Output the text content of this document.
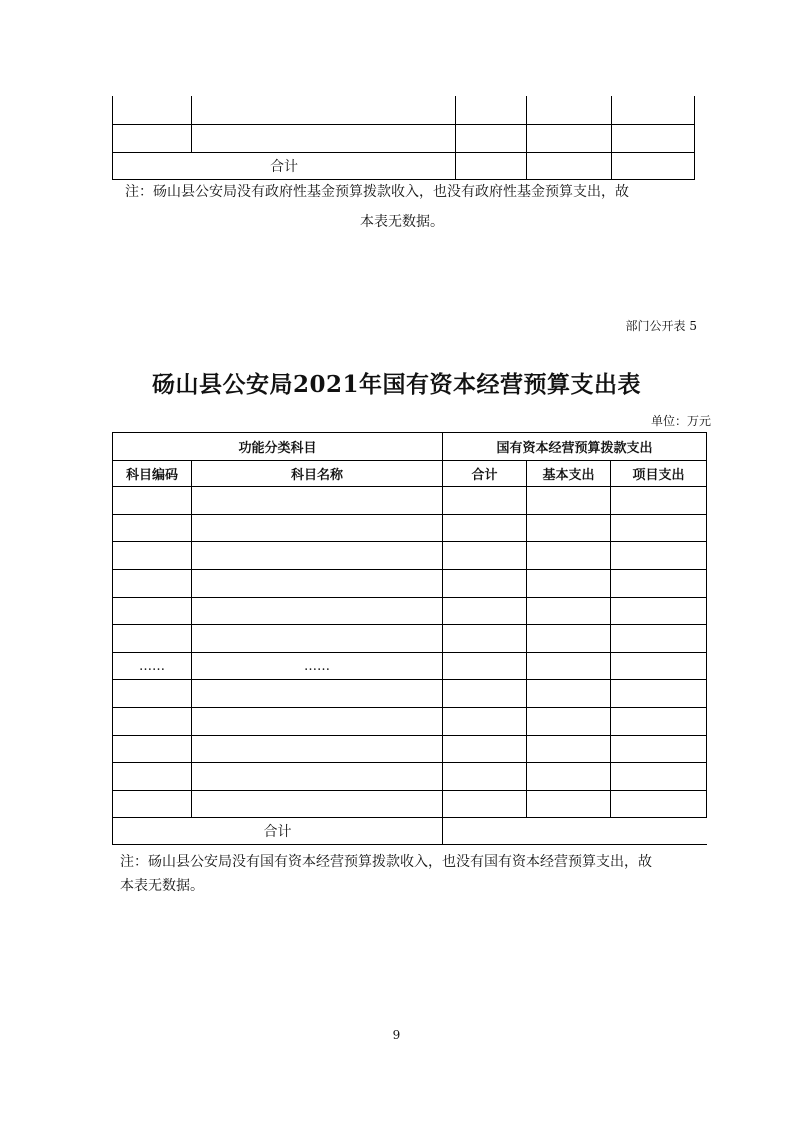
合计				
注：砀山县公安局没有政府性基金预算拨款收入，也没有政府性基金预算支出，故
本表无数据。
部门公开表 5
砀山县公安局2021年国有资本经营预算支出表
单位：万元
功能分类科目		国有资本经营预算拨款支出		
科目编码	科目名称	合计	基本支出	项目支出

……	……			

合计				
注：砀山县公安局没有国有资本经营预算拨款收入，也没有国有资本经营预算支出，故
本表无数据。
9
